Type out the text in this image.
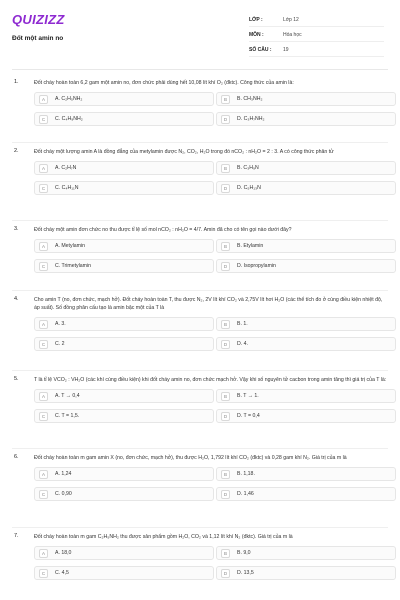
QUIZIZZ
Đốt một amin no
LỚP :	Lớp 12
MÔN :	Hóa học
SỐ CÂU :	19
1.	Đốt cháy hoàn toàn 6,2 gam một amin no, đơn chức phải dùng hết 10,08 lít khí O₂ (đktc). Công thức của amin là:
A	A. C₂H₅NH₂	B	B. CH₃NH₂
C	C. C₄H₉NH₂	D	D. C₃H₇NH₂
2.	Đốt cháy một lượng amin A là đồng đẳng của metylamin được N₂, CO₂, H₂O trong đó nCO₂ : nH₂O = 2 : 3. A có công thức phân tử
A	A. C₂H₇N	B	B. C₃H₉N
C	C. C₄H₁₁N	D	D. C₅H₁₃N
3.	Đốt cháy một amin đơn chức no thu được tỉ lệ số mol nCO₂ : nH₂O = 4/7. Amin đã cho có tên gọi nào dưới đây?
A	A. Metylamin	B	B. Etylamin
C	C. Trimetylamin	D	D. Isopropylamin
4.	Cho amin T (no, đơn chức, mạch hở). Đốt cháy hoàn toàn T, thu được N₂, 2V lít khí CO₂ và 2,75V lít hơi H₂O (các thể tích đo ở cùng điều kiện nhiệt độ, áp suất). Số đồng phân cấu tạo là amin bậc một của T là
A	A. 3.	B	B. 1.
C	C. 2	D	D. 4.
5.	T là tỉ lệ VCO₂ : VH₂O (các khí cùng điều kiện) khi đốt cháy amin no, đơn chức mạch hở. Vậy khi số nguyên tử cacbon trong amin tăng thì giá trị của T là:
A	A. T → 0,4	B	B. T → 1.
C	C. T = 1,5.	D	D. T = 0,4
6.	Đốt cháy hoàn toàn m gam amin X (no, đơn chức, mạch hở), thu được H₂O, 1,792 lít khí CO₂ (đktc) và 0,28 gam khí N₂. Giá trị của m là
A	A. 1,24	B	B. 1,18.
C	C. 0,90	D	D. 1,46
7.	Đốt cháy hoàn toàn m gam C₂H₅NH₂ thu được sản phẩm gồm H₂O, CO₂ và 1,12 lít khí N₂ (đktc). Giá trị của m là
A	A. 18,0	B	B. 9,0
C	C. 4,5	D	D. 13,5
